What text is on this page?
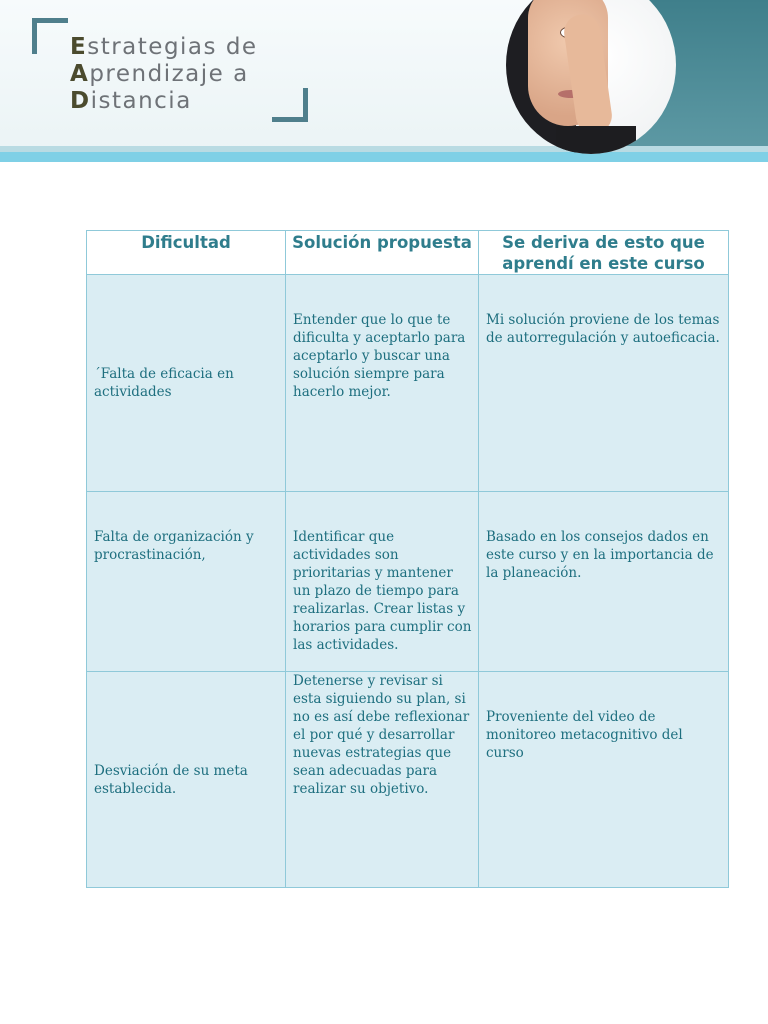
Estrategias de
Aprendizaje a
Distancia
Dificultad	Solución propuesta	Se deriva de esto que aprendí en este curso

´Falta de eficacia en actividades	Entender que lo que te dificulta y aceptarlo para aceptarlo y buscar una solución siempre para hacerlo mejor.	Mi solución proviene de los temas de autorregulación y autoeficacia.

Falta de organización y procrastinación,	Identificar que actividades son prioritarias y mantener un plazo de tiempo para realizarlas. Crear listas y horarios para cumplir con las actividades.	Basado en los consejos dados en este curso y en la importancia de la planeación.

Desviación de su meta establecida.	Detenerse y revisar si esta siguiendo su plan, si no es así debe reflexionar el por qué y desarrollar nuevas estrategias que sean adecuadas para realizar su objetivo.	Proveniente del video de monitoreo metacognitivo del curso
